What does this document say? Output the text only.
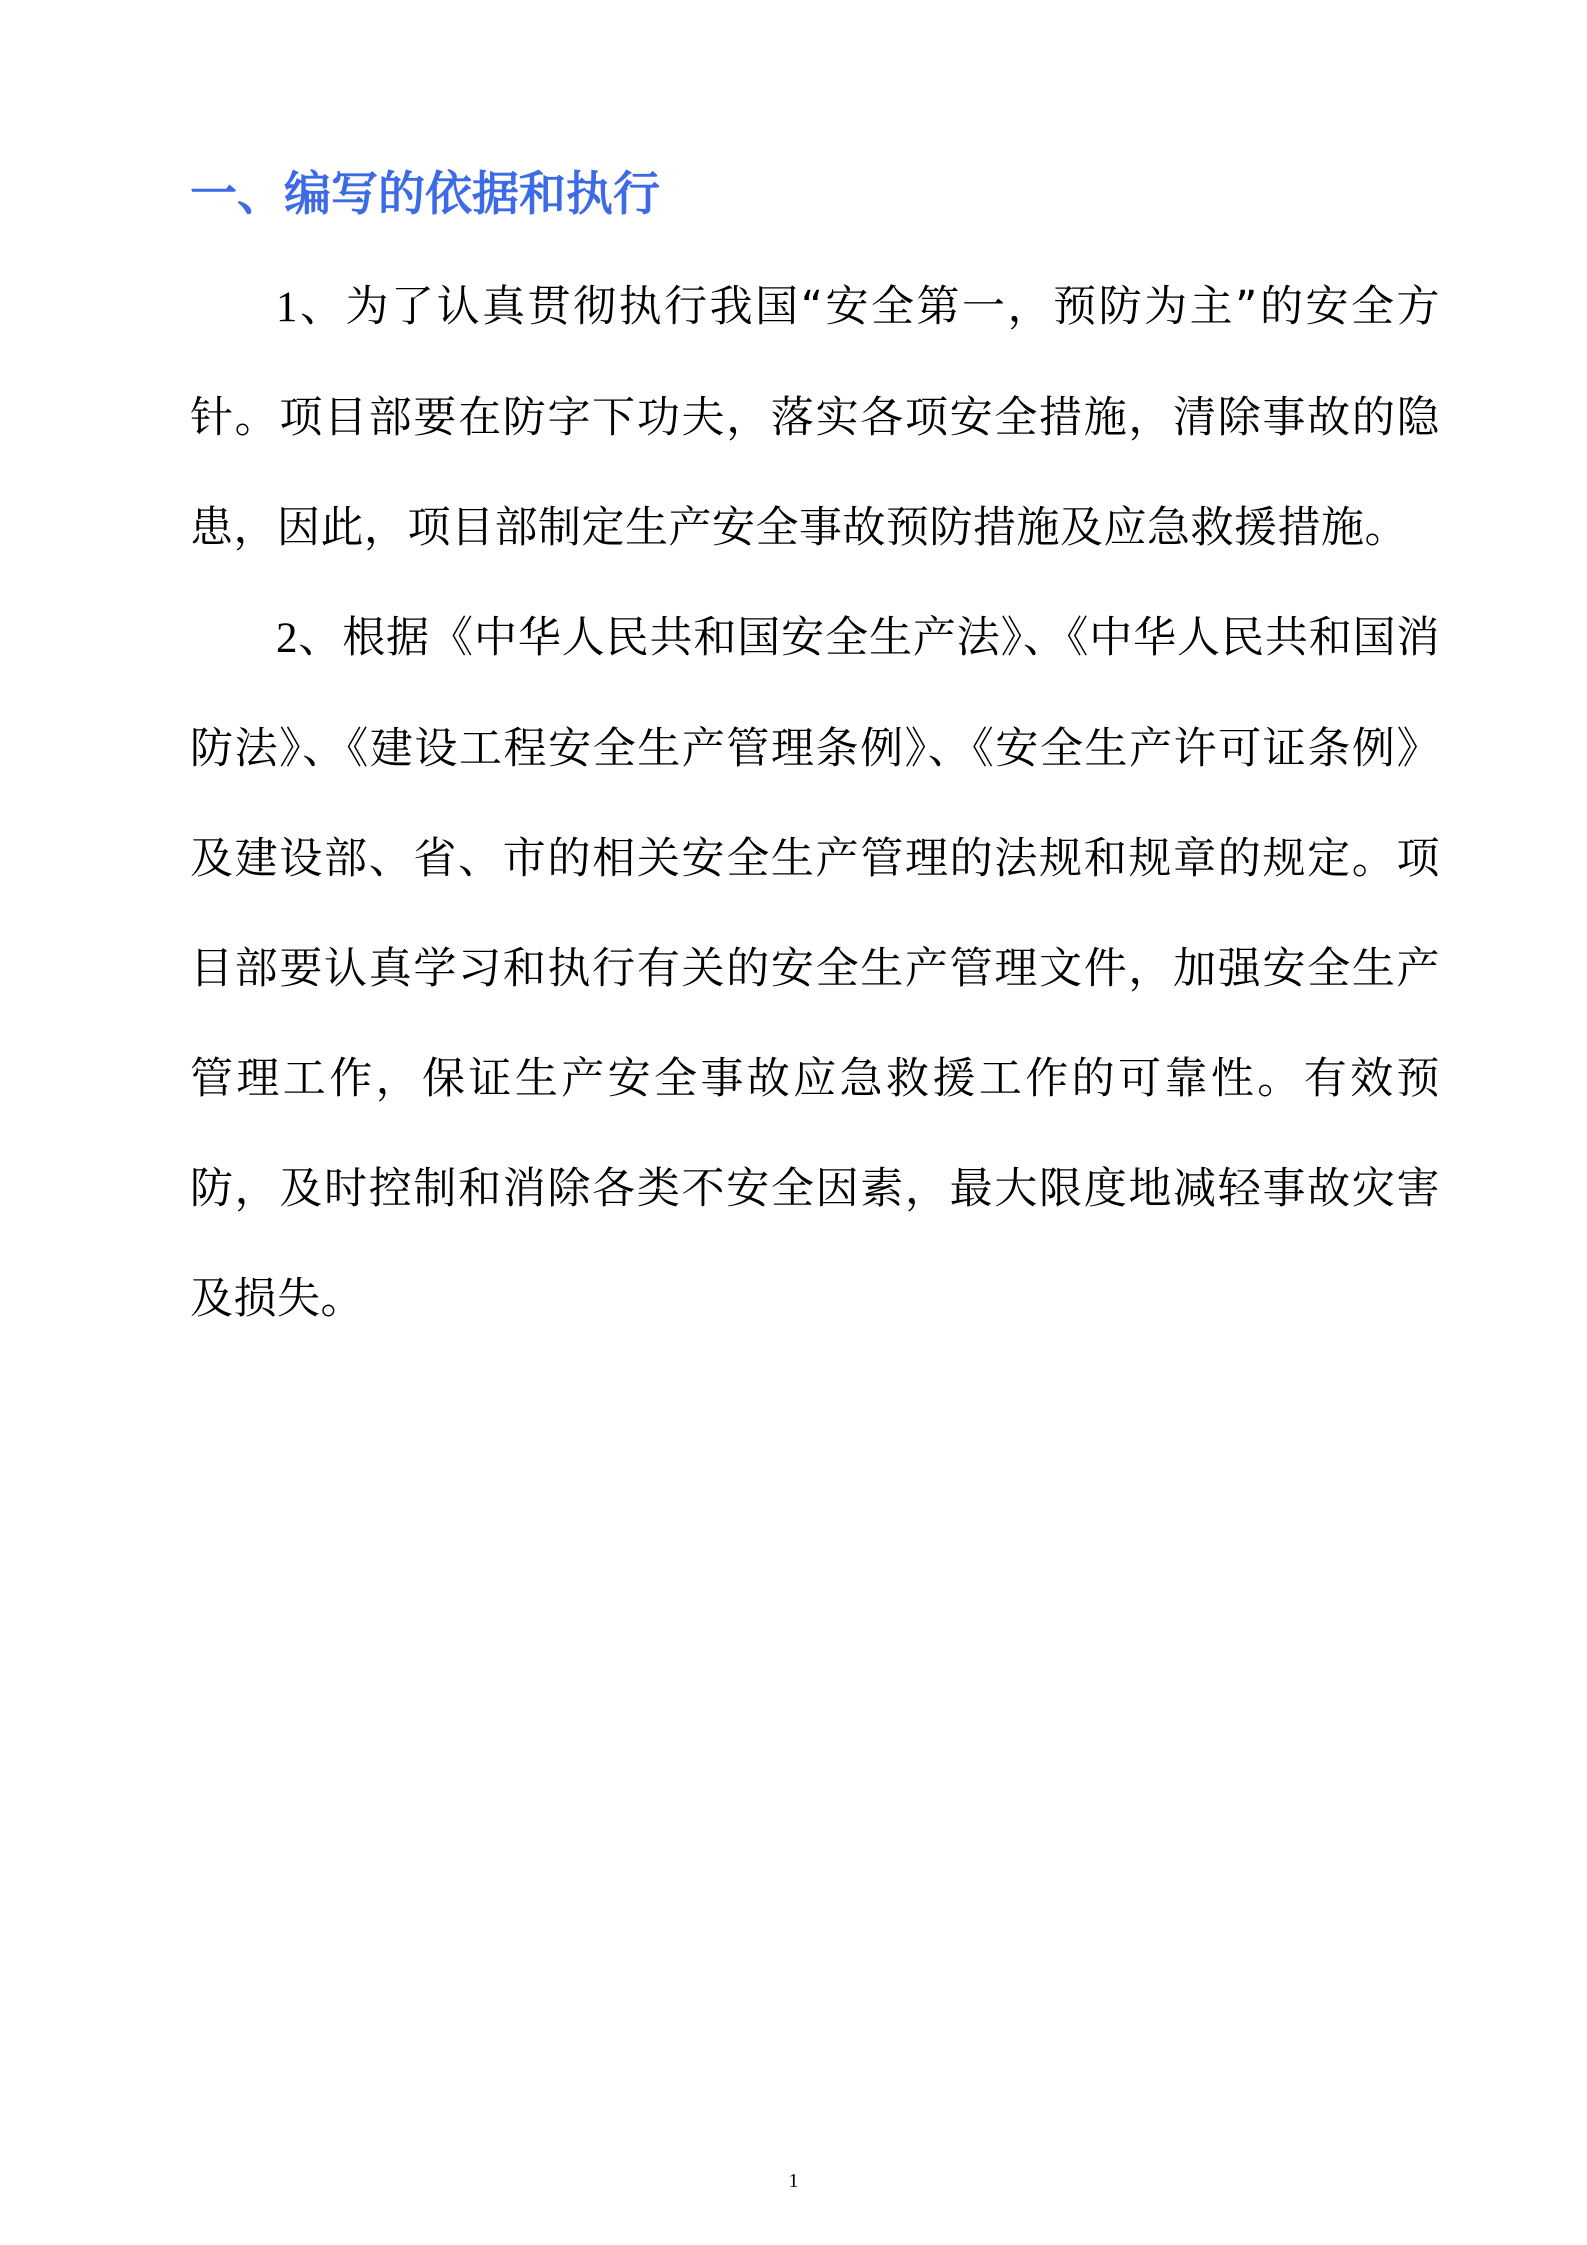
一、编写的依据和执行

1、为了认真贯彻执行我国“安全第一，预防为主”的安全方针。项目部要在防字下功夫，落实各项安全措施，清除事故的隐患，因此，项目部制定生产安全事故预防措施及应急救援措施。

2、根据《中华人民共和国安全生产法》、《中华人民共和国消防法》、《建设工程安全生产管理条例》、《安全生产许可证条例》及建设部、省、市的相关安全生产管理的法规和规章的规定。项目部要认真学习和执行有关的安全生产管理文件，加强安全生产管理工作，保证生产安全事故应急救援工作的可靠性。有效预防，及时控制和消除各类不安全因素，最大限度地减轻事故灾害及损失。

1
